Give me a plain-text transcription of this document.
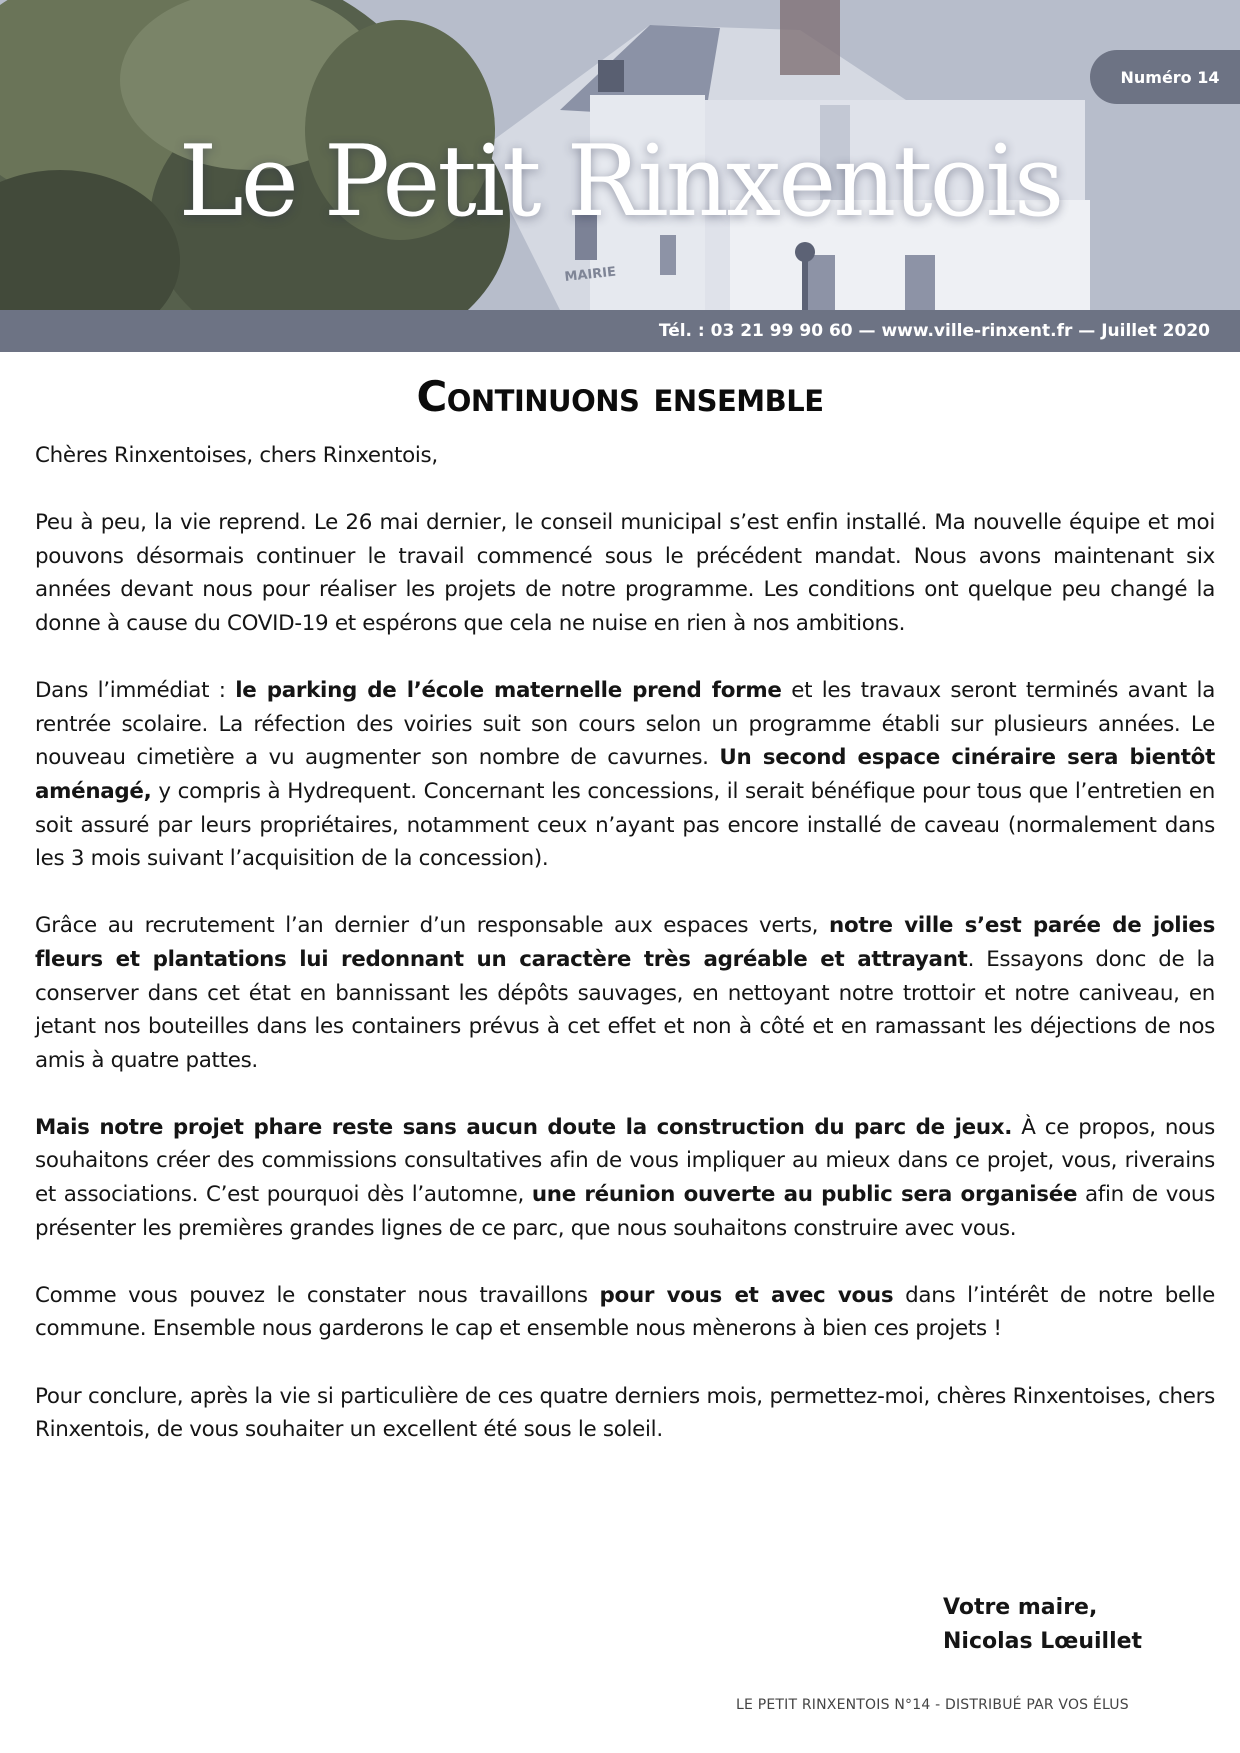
MAIRIE
Numéro 14
Le Petit Rinxentois
Tél. : 03 21 99 90 60 — www.ville-rinxent.fr — Juillet 2020
Continuons ensemble

Chères Rinxentoises, chers Rinxentois,

Peu à peu, la vie reprend. Le 26 mai dernier, le conseil municipal s’est enfin installé. Ma nouvelle équipe et moi pouvons désormais continuer le travail commencé sous le précédent mandat. Nous avons maintenant six années devant nous pour réaliser les projets de notre programme. Les conditions ont quelque peu changé la donne à cause du COVID-19 et espérons que cela ne nuise en rien à nos ambitions.

Dans l’immédiat : le parking de l’école maternelle prend forme et les travaux seront terminés avant la rentrée scolaire. La réfection des voiries suit son cours selon un programme établi sur plusieurs années. Le nouveau cimetière a vu augmenter son nombre de cavurnes. Un second espace cinéraire sera bientôt aménagé, y compris à Hydrequent. Concernant les concessions, il serait bénéfique pour tous que l’entretien en soit assuré par leurs propriétaires, notamment ceux n’ayant pas encore installé de caveau (normalement dans les 3 mois suivant l’acquisition de la concession).

Grâce au recrutement l’an dernier d’un responsable aux espaces verts, notre ville s’est parée de jolies fleurs et plantations lui redonnant un caractère très agréable et attrayant. Essayons donc de la conserver dans cet état en bannissant les dépôts sauvages, en nettoyant notre trottoir et notre caniveau, en jetant nos bouteilles dans les containers prévus à cet effet et non à côté et en ramassant les déjections de nos amis à quatre pattes.

Mais notre projet phare reste sans aucun doute la construction du parc de jeux. À ce propos, nous souhaitons créer des commissions consultatives afin de vous impliquer au mieux dans ce projet, vous, riverains et associations. C’est pourquoi dès l’automne, une réunion ouverte au public sera organisée afin de vous présenter les premières grandes lignes de ce parc, que nous souhaitons construire avec vous.

Comme vous pouvez le constater nous travaillons pour vous et avec vous dans l’intérêt de notre belle commune. Ensemble nous garderons le cap et ensemble nous mènerons à bien ces projets !

Pour conclure, après la vie si particulière de ces quatre derniers mois, permettez-moi, chères Rinxentoises, chers Rinxentois, de vous souhaiter un excellent été sous le soleil.

Votre maire,
Nicolas Lœuillet
LE PETIT RINXENTOIS N°14 - DISTRIBUÉ PAR VOS ÉLUS
